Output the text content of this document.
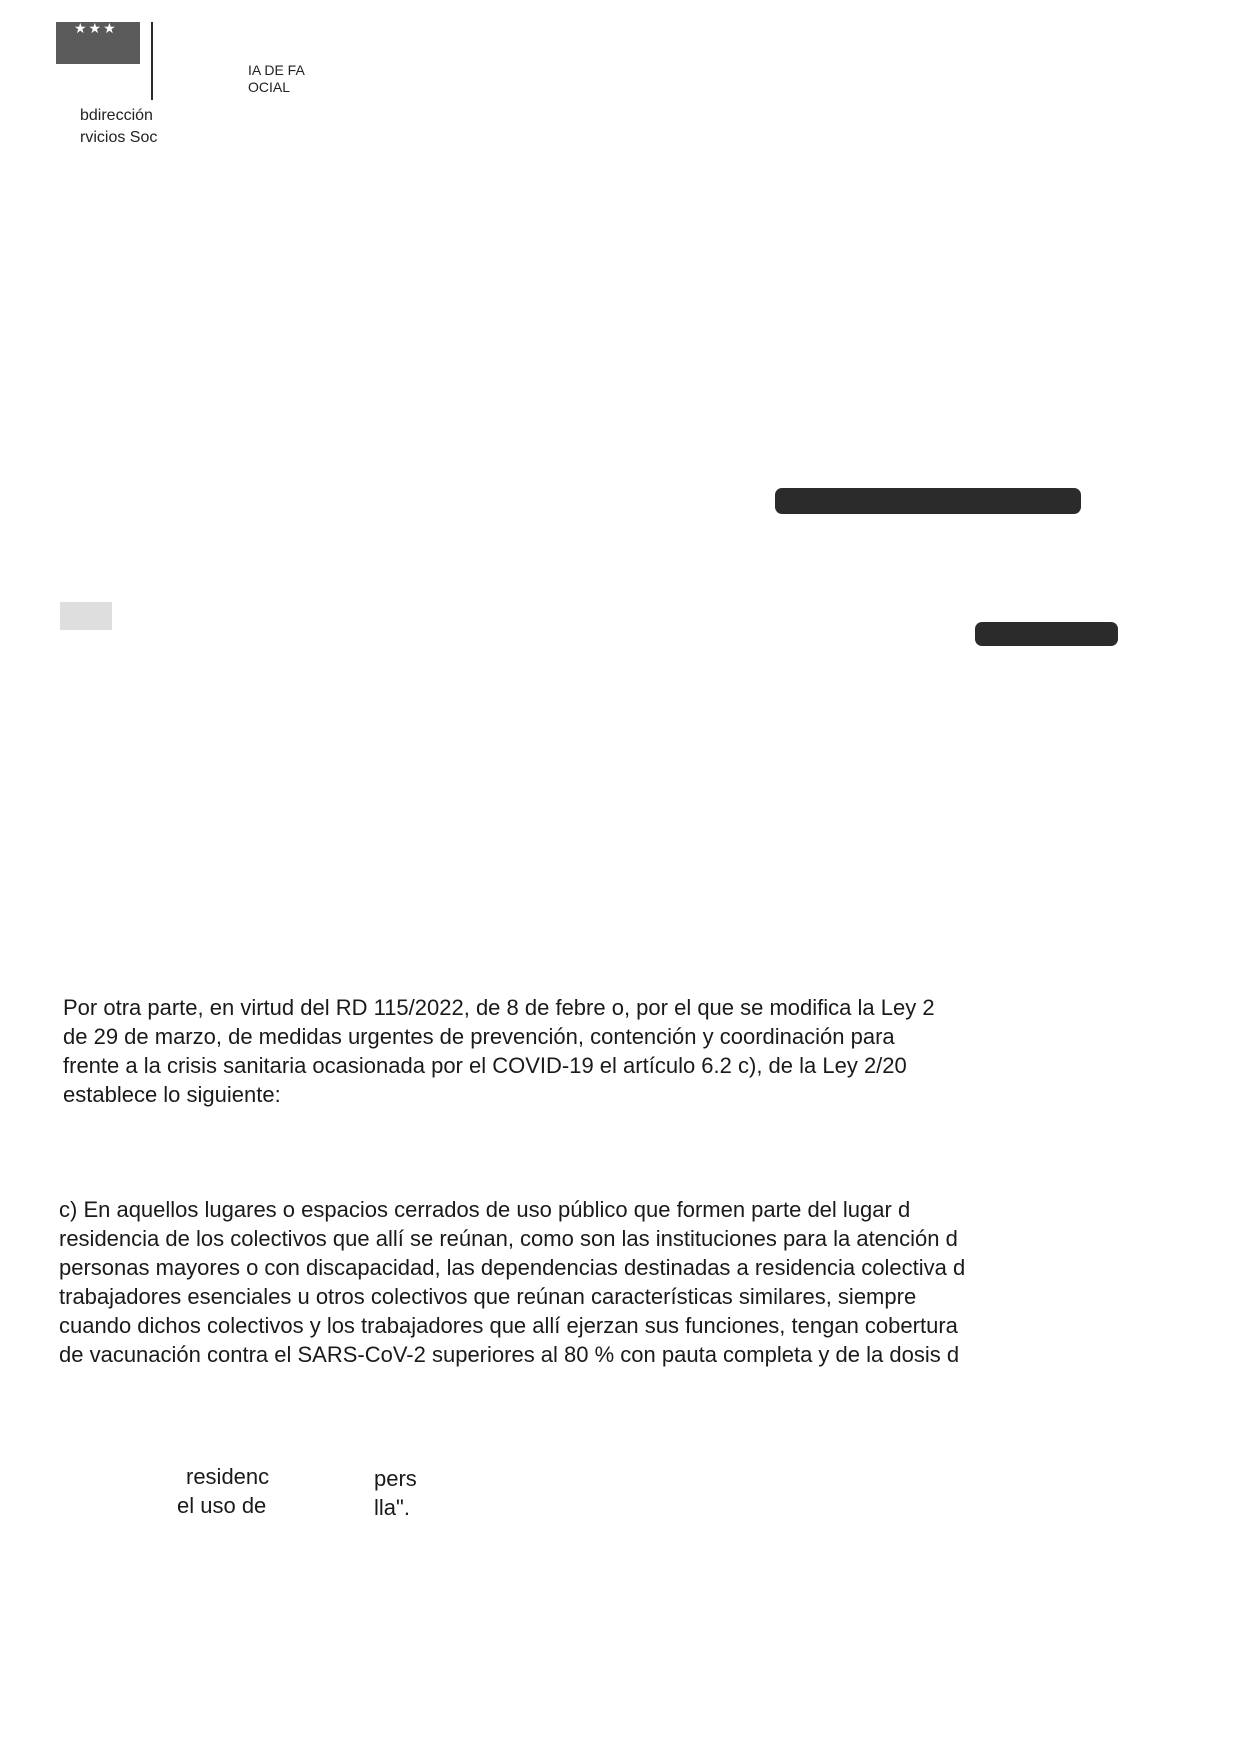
★★★
IA DE FA
OCIAL
bdirección
rvicios Soc
Por otra parte, en virtud del RD 115/2022, de 8 de febre o, por el que se modifica la Ley 2
de 29 de marzo, de medidas urgentes de prevención, contención y coordinación para
frente a la crisis sanitaria ocasionada por el COVID-19 el artículo 6.2 c), de la Ley 2/20
establece lo siguiente:
c) En aquellos lugares o espacios cerrados de uso público que formen parte del lugar d
residencia de los colectivos que allí se reúnan, como son las instituciones para la atención d
personas mayores o con discapacidad, las dependencias destinadas a residencia colectiva d
trabajadores esenciales u otros colectivos que reúnan características similares, siempre
cuando dichos colectivos y los trabajadores que allí ejerzan sus funciones, tengan cobertura
de vacunación contra el SARS-CoV-2 superiores al 80 % con pauta completa y de la dosis d
residenc
el uso de
pers
lla".
